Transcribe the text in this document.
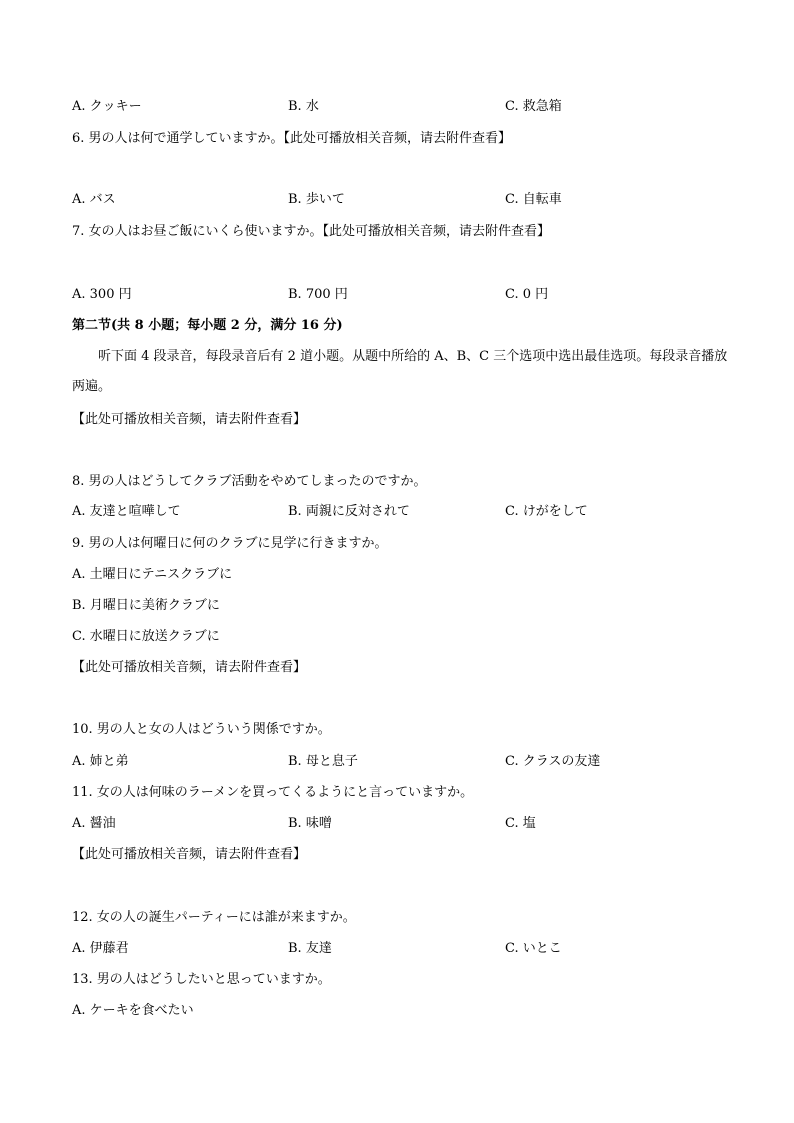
A. クッキー	B. 水	C. 救急箱
6. 男の人は何で通学していますか。【此处可播放相关音频，请去附件查看】
A. バス	B. 歩いて	C. 自転車
7. 女の人はお昼ご飯にいくら使いますか。【此处可播放相关音频，请去附件查看】
A. 300 円	B. 700 円	C. 0 円
第二节(共 8 小题；每小题 2 分，满分 16 分)
听下面 4 段录音，每段录音后有 2 道小题。从题中所给的 A、B、C 三个选项中选出最佳选项。每段录音播放两遍。
【此处可播放相关音频，请去附件查看】
8. 男の人はどうしてクラブ活動をやめてしまったのですか。
A. 友達と喧嘩して	B. 両親に反対されて	C. けがをして
9. 男の人は何曜日に何のクラブに見学に行きますか。
A. 土曜日にテニスクラブに
B. 月曜日に美術クラブに
C. 水曜日に放送クラブに
【此处可播放相关音频，请去附件查看】
10. 男の人と女の人はどういう関係ですか。
A. 姉と弟	B. 母と息子	C. クラスの友達
11. 女の人は何味のラーメンを買ってくるようにと言っていますか。
A. 醤油	B. 味噌	C. 塩
【此处可播放相关音频，请去附件查看】
12. 女の人の誕生パーティーには誰が来ますか。
A. 伊藤君	B. 友達	C. いとこ
13. 男の人はどうしたいと思っていますか。
A. ケーキを食べたい
